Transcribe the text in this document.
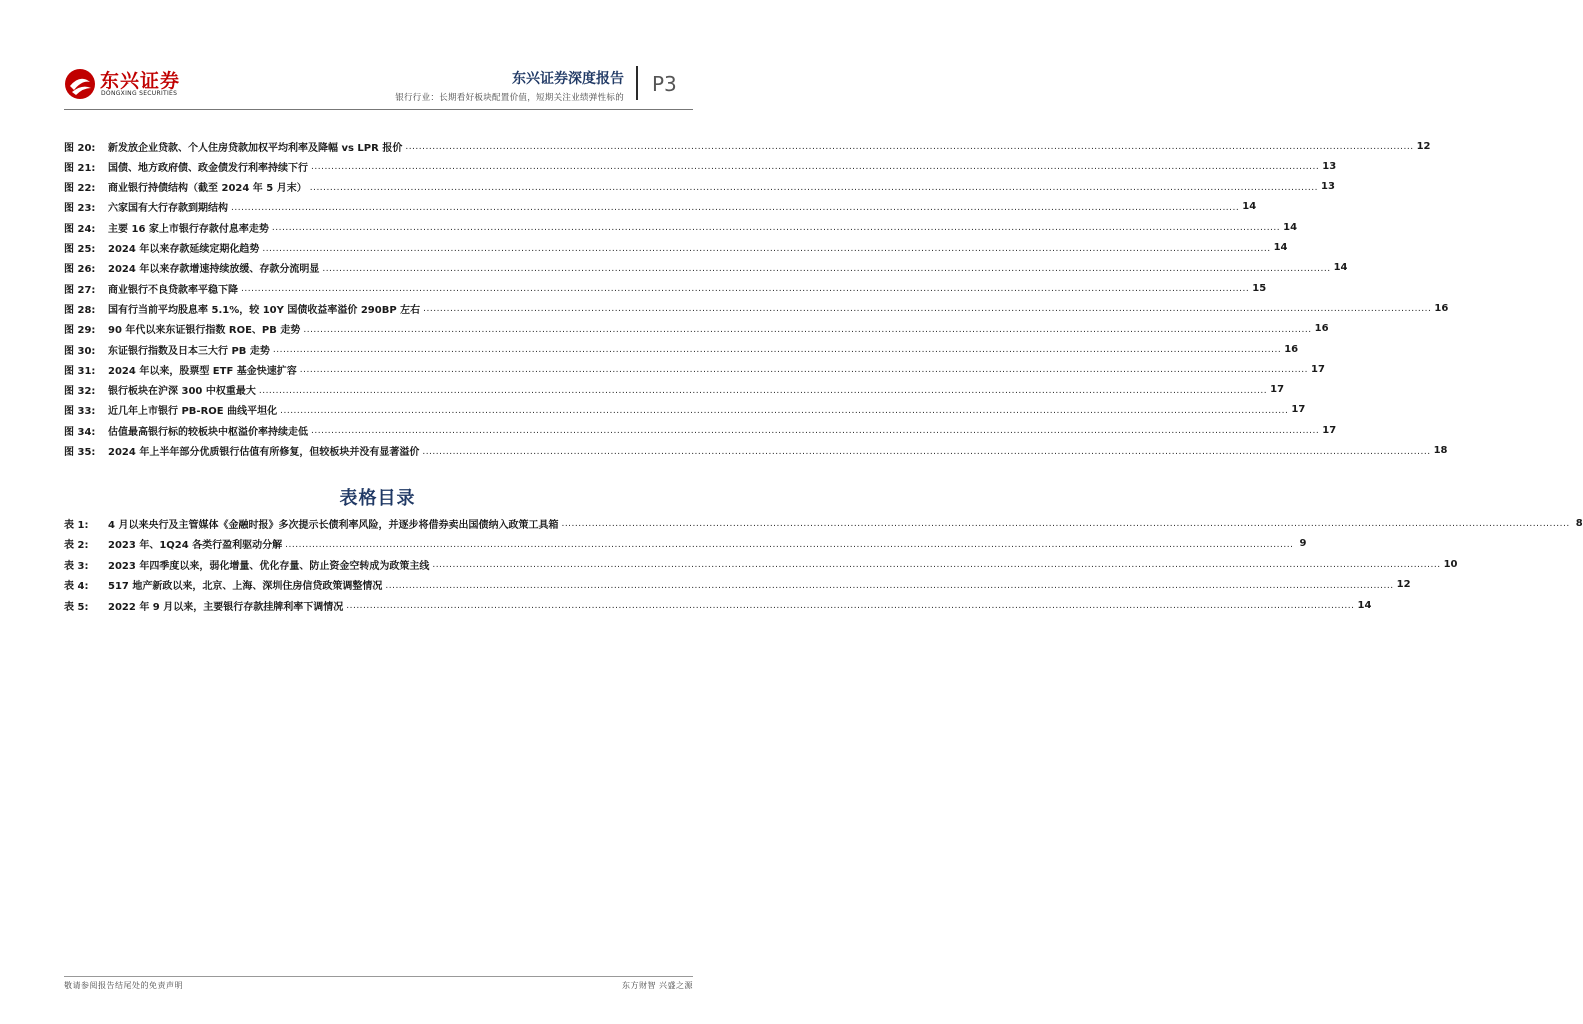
东兴证券
DONGXING SECURITIES
东兴证券深度报告
银行行业：长期看好板块配置价值，短期关注业绩弹性标的
P3
图 20:	新发放企业贷款、个人住房贷款加权平均利率及降幅 vs LPR 报价 ............................................................................................................................................................................................................................................................................................................ 12
图 21:	国债、地方政府债、政金债发行利率持续下行 ............................................................................................................................................................................................................................................................................................................ 13
图 22:	商业银行持债结构（截至 2024 年 5 月末） ............................................................................................................................................................................................................................................................................................................ 13
图 23:	六家国有大行存款到期结构 ............................................................................................................................................................................................................................................................................................................ 14
图 24:	主要 16 家上市银行存款付息率走势 ............................................................................................................................................................................................................................................................................................................ 14
图 25:	2024 年以来存款延续定期化趋势 ............................................................................................................................................................................................................................................................................................................ 14
图 26:	2024 年以来存款增速持续放缓、存款分流明显 ............................................................................................................................................................................................................................................................................................................ 14
图 27:	商业银行不良贷款率平稳下降 ............................................................................................................................................................................................................................................................................................................ 15
图 28:	国有行当前平均股息率 5.1%，较 10Y 国债收益率溢价 290BP 左右 ............................................................................................................................................................................................................................................................................................................ 16
图 29:	90 年代以来东证银行指数 ROE、PB 走势 ............................................................................................................................................................................................................................................................................................................ 16
图 30:	东证银行指数及日本三大行 PB 走势 ............................................................................................................................................................................................................................................................................................................ 16
图 31:	2024 年以来，股票型 ETF 基金快速扩容 ............................................................................................................................................................................................................................................................................................................ 17
图 32:	银行板块在沪深 300 中权重最大 ............................................................................................................................................................................................................................................................................................................ 17
图 33:	近几年上市银行 PB-ROE 曲线平坦化 ............................................................................................................................................................................................................................................................................................................ 17
图 34:	估值最高银行标的较板块中枢溢价率持续走低 ............................................................................................................................................................................................................................................................................................................ 17
图 35:	2024 年上半年部分优质银行估值有所修复，但较板块并没有显著溢价 ............................................................................................................................................................................................................................................................................................................ 18
表格目录
表 1:	4 月以来央行及主管媒体《金融时报》多次提示长债利率风险，并逐步将借券卖出国债纳入政策工具箱 ............................................................................................................................................................................................................................................................................................................ 8
表 2:	2023 年、1Q24 各类行盈利驱动分解 ............................................................................................................................................................................................................................................................................................................ 9
表 3:	2023 年四季度以来，弱化增量、优化存量、防止资金空转成为政策主线 ............................................................................................................................................................................................................................................................................................................ 10
表 4:	517 地产新政以来，北京、上海、深圳住房信贷政策调整情况 ............................................................................................................................................................................................................................................................................................................ 12
表 5:	2022 年 9 月以来，主要银行存款挂牌利率下调情况 ............................................................................................................................................................................................................................................................................................................ 14
敬请参阅报告结尾处的免责声明	东方财智 兴盛之源
